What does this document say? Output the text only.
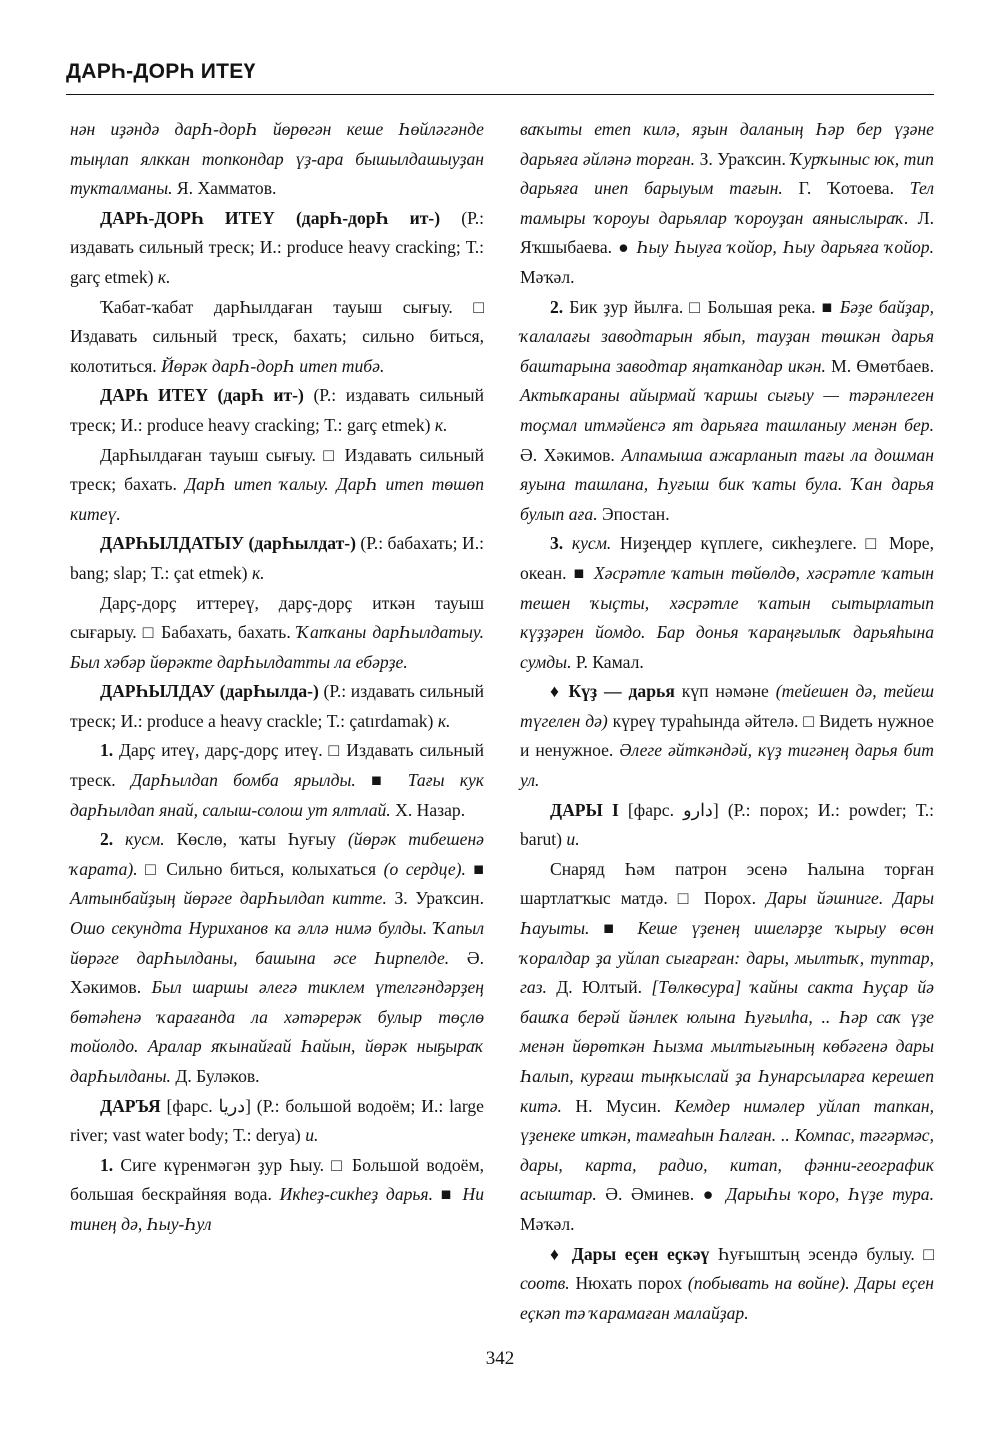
ДАРҺ-ДОРҺ ИТЕҮ

нән иҙәндә дарҺ-дорҺ йөрөгән кеше Һөйләгәнде тыңлап ялккан топкондар үҙ-ара бышылдашыуҙан тукталманы. Я. Хамматов.

ДАРҺ-ДОРҺ ИТЕҮ (дарҺ-дорҺ ит-) (Р.: издавать сильный треск; И.: produce heavy cracking; Т.: garç etmek) к.

Ҡабат-ҡабат дарҺылдаған тауыш сығыу. □ Издавать сильный треск, бахать; сильно биться, колотиться. Йөрәк дарҺ-дорҺ итеп тибә.

ДАРҺ ИТЕҮ (дарҺ ит-) (Р.: издавать сильный треск; И.: produce heavy cracking; Т.: garç etmek) к.

ДарҺылдаған тауыш сығыу. □ Издавать сильный треск; бахать. ДарҺ итеп ҡалыу. ДарҺ итеп төшөп китеү.

ДАРҺЫЛДАТЫУ (дарҺылдат-) (Р.: бабахать; И.: bang; slap; Т.: çat etmek) к.

Дарҫ-дорҫ иттереү, дарҫ-дорҫ иткән тауыш сығарыу. □ Бабахать, бахать. Ҡапҡаны дарҺылдатыу. Был хәбәр йөрәкте дарҺылдатты ла ебәрҙе.

ДАРҺЫЛДАУ (дарҺылда-) (Р.: издавать сильный треск; И.: produce a heavy crackle; Т.: çatırdamak) к.

1. Дарҫ итеү, дарҫ-дорҫ итеү. □ Издавать сильный треск. ДарҺылдап бомба ярылды. ■ Тағы кук дарҺылдап янай, салыш-солош ут ялтлай. Х. Назар.

2. кусм. Көслө, ҡаты Һуғыу (йөрәк тибешенә ҡарата). □ Сильно биться, колыхаться (о сердце). ■ Алтынбайҙың йөрәге дарҺылдап китте. З. Ураҡсин. Ошо секундта Нуриханов ка әллә нимә булды. Ҡапыл йөрәге дарҺылданы, башына әсе Һирпелде. Ә. Хәкимов. Был шаршы әлегә тиклем үтелгәндәрҙең бөтәһенә ҡарағанда ла хәтәрерәк булыр төҫлө тойолдо. Аралар яҡынайғай Һайын, йөрәк ныҕыраҡ дарҺылданы. Д. Буләков.

ДАРЪЯ [фарс. دریا] (Р.: большой водоём; И.: large river; vast water body; Т.: derya) и.

1. Сиге күренмәгән ҙур Һыу. □ Большой водоём, большая бескрайняя вода. Икһеҙ-сикһеҙ дарья. ■ Ни тинең дә, Һыу-Һул

ваҡыты етеп килә, яҙын даланың Һәр бер үҙәне дарьяға әйләнә торған. З. Ураҡсин. Ҡурҡыныс юк, тип дарьяға инеп барыуым тағын. Г. Ҡотоева. Тел тамыры ҡороуы дарьялар ҡороуҙан аяныслыраҡ. Л. Яҡшыбаева. ● Һыу Һыуға ҡойор, Һыу дарьяға ҡойор. Мәҡәл.

2. Бик ҙур йылға. □ Большая река. ■ Бәҙе байҙар, ҡалалағы заводтарын ябып, тауҙан төшкән дарья баштарына заводтар яңаткандар икән. М. Өмөтбаев. Актыҡараны айырмай ҡаршы сығыу — тәрәнлеген тоҫмал итмәйенсә ят дарьяға ташланыу менән бер. Ә. Хәкимов. Алпамыша ажарланып тағы ла дошман яуына ташлана, Һуғыш бик ҡаты була. Ҡан дарья булып аға. Эпостан.

3. кусм. Ниҙеңдер күплеге, сикһеҙлеге. □ Море, океан. ■ Хәсрәтле ҡатын төйөлдө, хәсрәтле ҡатын тешен ҡыҫты, хәсрәтле ҡатын сытырлатып күҙҙәрен йомдо. Бар донья ҡараңғылыҡ дарьяһына сумды. Р. Камал.

♦ Күҙ — дарья күп нәмәне (тейешен дә, тейеш түгелен дә) күреү тураһында әйтелә. □ Видеть нужное и ненужное. Әлеге әйткәндәй, күҙ тигәнең дарья бит ул.

ДАРЫ I [фарс. دارو] (Р.: порох; И.: powder; Т.: barut) и.

Снаряд Һәм патрон эсенә Һалына торған шартлатҡыс матдә. □ Порох. Дары йәшниге. Дары Һауыты. ■ Кеше үҙенең ишеләрҙе ҡырыу өсөн ҡоралдар ҙа уйлап сығарған: дары, мылтыҡ, туптар, газ. Д. Юлтый. [Төлкөсура] ҡайны сакта Һуҫар йә башҡа берәй йәнлек юлына Һуғылһа, .. Һәр саҡ үҙе менән йөрөткән Һызма мылтығының көбәгенә дары Һалып, курғаш тыңҡыслай ҙа Һунарсыларға керешеп китә. Н. Мусин. Кемдер нимәлер уйлап тапкан, үҙенеке иткән, тамғаһын Һалған. .. Компас, тәгәрмәс, дары, карта, радио, китап, фәнни-географик асыштар. Ә. Әминев. ● ДарыҺы ҡоро, Һүҙе тура. Мәҡәл.

♦ Дары еҫен еҫкәү Һуғыштың эсендә булыу. □ соотв. Нюхать порох (побывать на войне). Дары еҫен еҫкәп тә ҡарамаған малайҙар.

342
